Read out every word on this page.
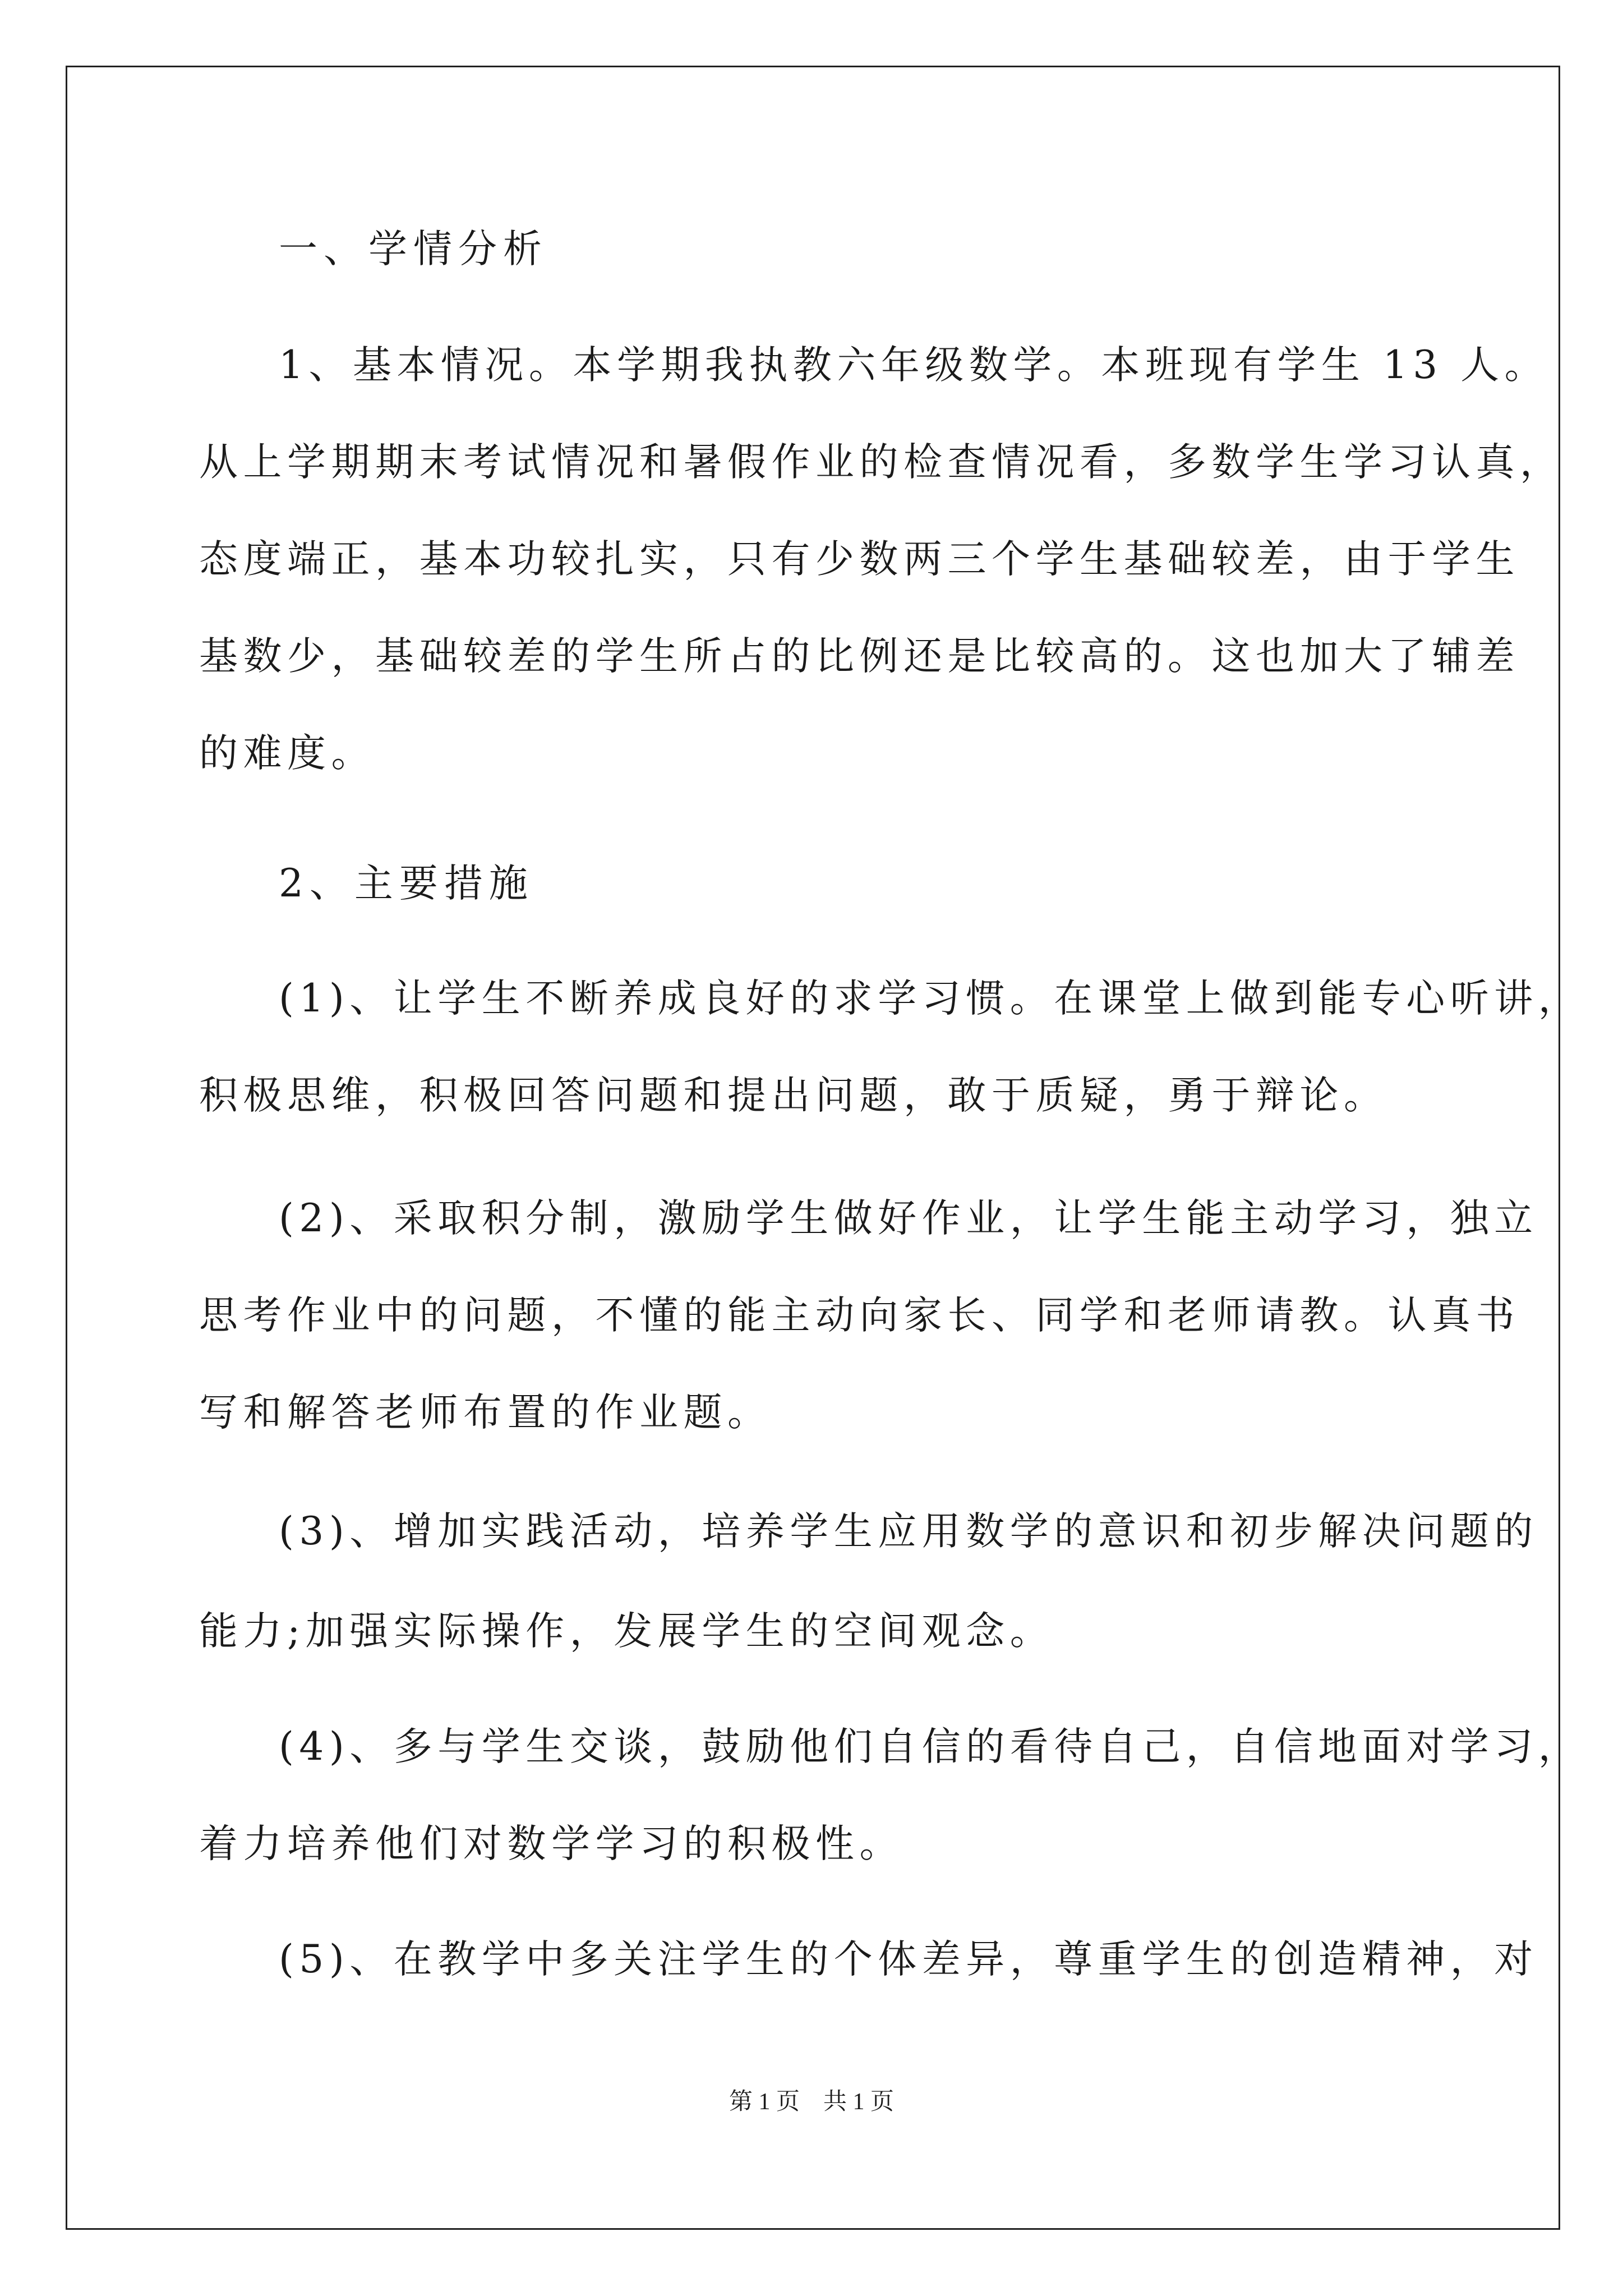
一、学情分析

1、基本情况。本学期我执教六年级数学。本班现有学生 13 人。

从上学期期末考试情况和暑假作业的检查情况看，多数学生学习认真，

态度端正，基本功较扎实，只有少数两三个学生基础较差，由于学生

基数少，基础较差的学生所占的比例还是比较高的。这也加大了辅差

的难度。

2、主要措施

(1)、让学生不断养成良好的求学习惯。在课堂上做到能专心听讲，

积极思维，积极回答问题和提出问题，敢于质疑，勇于辩论。

(2)、采取积分制，激励学生做好作业，让学生能主动学习，独立

思考作业中的问题，不懂的能主动向家长、同学和老师请教。认真书

写和解答老师布置的作业题。

(3)、增加实践活动，培养学生应用数学的意识和初步解决问题的

能力;加强实际操作，发展学生的空间观念。

(4)、多与学生交谈，鼓励他们自信的看待自己，自信地面对学习，

着力培养他们对数学学习的积极性。

(5)、在教学中多关注学生的个体差异，尊重学生的创造精神，对

第 1 页    共 1 页
